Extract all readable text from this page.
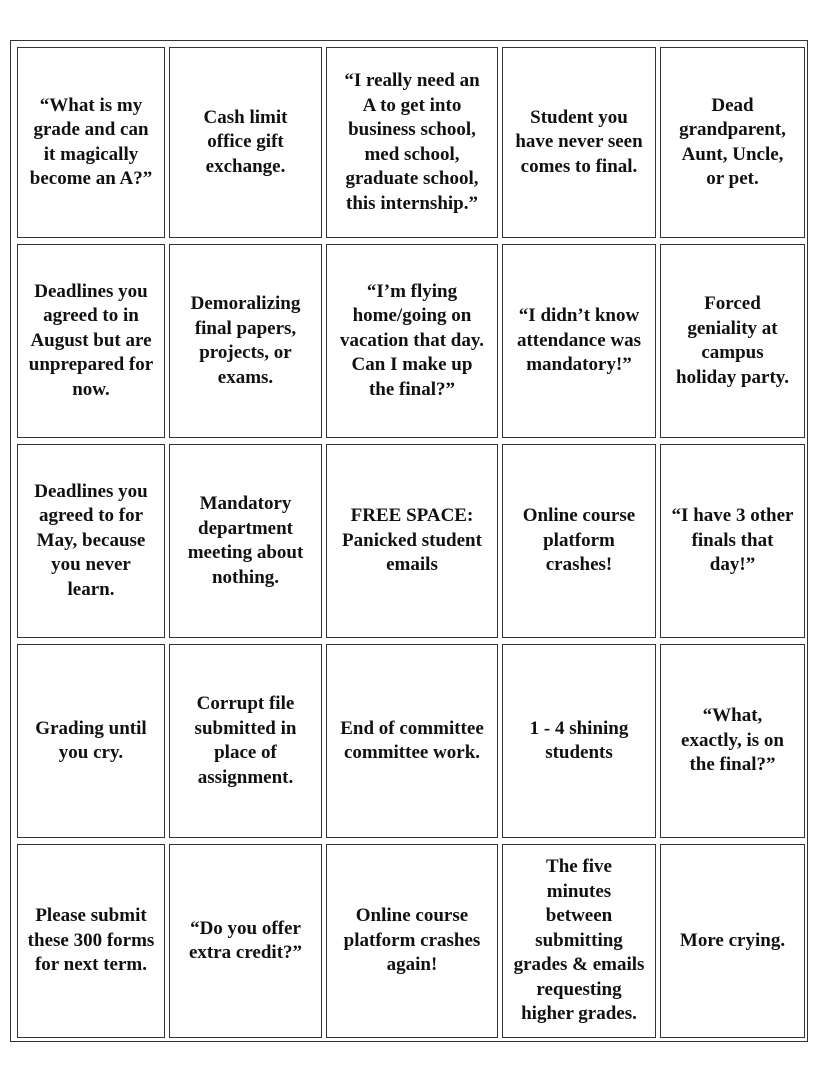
“What is my
grade and can
it magically
become an A?”
Cash limit
office gift
exchange.
“I really need an
A to get into
business school,
med school,
graduate school,
this internship.”
Student you
have never seen
comes to final.
Dead
grandparent,
Aunt, Uncle,
or pet.
Deadlines you
agreed to in
August but are
unprepared for
now.
Demoralizing
final papers,
projects, or
exams.
“I’m flying
home/going on
vacation that day.
Can I make up
the final?”
“I didn’t know
attendance was
mandatory!”
Forced
geniality at
campus
holiday party.
Deadlines you
agreed to for
May, because
you never
learn.
Mandatory
department
meeting about
nothing.
FREE SPACE:
Panicked student
emails
Online course
platform
crashes!
“I have 3 other
finals that
day!”
Grading until
you cry.
Corrupt file
submitted in
place of
assignment.
End of committee
committee work.
1 - 4 shining
students
“What,
exactly, is on
the final?”
Please submit
these 300 forms
for next term.
“Do you offer
extra credit?”
Online course
platform crashes
again!
The five
minutes
between
submitting
grades & emails
requesting
higher grades.
More crying.
